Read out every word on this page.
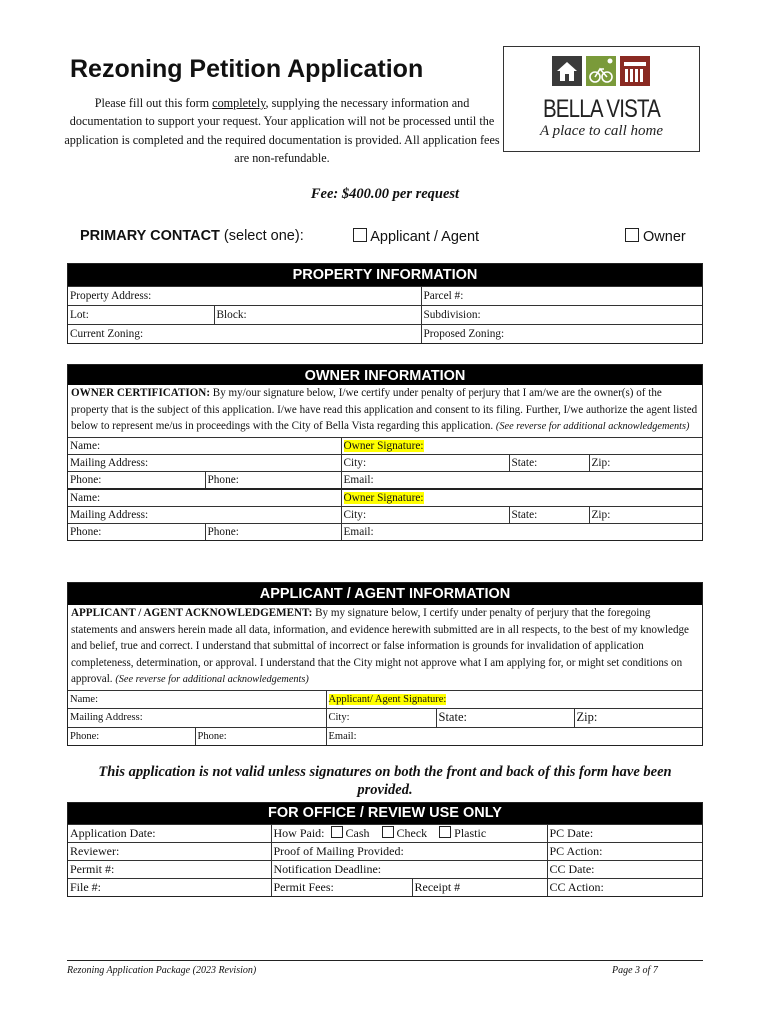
Rezoning Petition Application
Please fill out this form completely, supplying the necessary information and documentation to support your request. Your application will not be processed until the application is completed and the required documentation is provided. All application fees are non-refundable.
BELLA VISTA
A place to call home
Fee: $400.00 per request
PRIMARY CONTACT (select one):	Applicant / Agent	Owner
PROPERTY INFORMATION
Property Address:		Parcel #:
Lot:	Block:	Subdivision:
Current Zoning:		Proposed Zoning:
OWNER INFORMATION
OWNER CERTIFICATION: By my/our signature below, I/we certify under penalty of perjury that I am/we are the owner(s) of the property that is the subject of this application. I/we have read this application and consent to its filing. Further, I/we authorize the agent listed below to represent me/us in proceedings with the City of Bella Vista regarding this application. (See reverse for additional acknowledgements)
Name:		Owner Signature:		
Mailing Address:		City:	State:	Zip:
Phone:	Phone:	Email:		
Name:		Owner Signature:		
Mailing Address:		City:	State:	Zip:
Phone:	Phone:	Email:		
APPLICANT / AGENT INFORMATION
APPLICANT / AGENT ACKNOWLEDGEMENT: By my signature below, I certify under penalty of perjury that the foregoing statements and answers herein made all data, information, and evidence herewith submitted are in all respects, to the best of my knowledge and belief, true and correct. I understand that submittal of incorrect or false information is grounds for invalidation of application completeness, determination, or approval. I understand that the City might not approve what I am applying for, or might set conditions on approval. (See reverse for additional acknowledgements)
Name:		Applicant/ Agent Signature:		
Mailing Address:		City:	State:	Zip:
Phone:	Phone:	Email:		
This application is not valid unless signatures on both the front and back of this form have been provided.
FOR OFFICE / REVIEW USE ONLY
Application Date:	How Paid: Cash Check Plastic		PC Date:
Reviewer:	Proof of Mailing Provided:		PC Action:
Permit #:	Notification Deadline:		CC Date:
File #:	Permit Fees:	Receipt #	CC Action:
Rezoning Application Package (2023 Revision)	Page 3 of 7
